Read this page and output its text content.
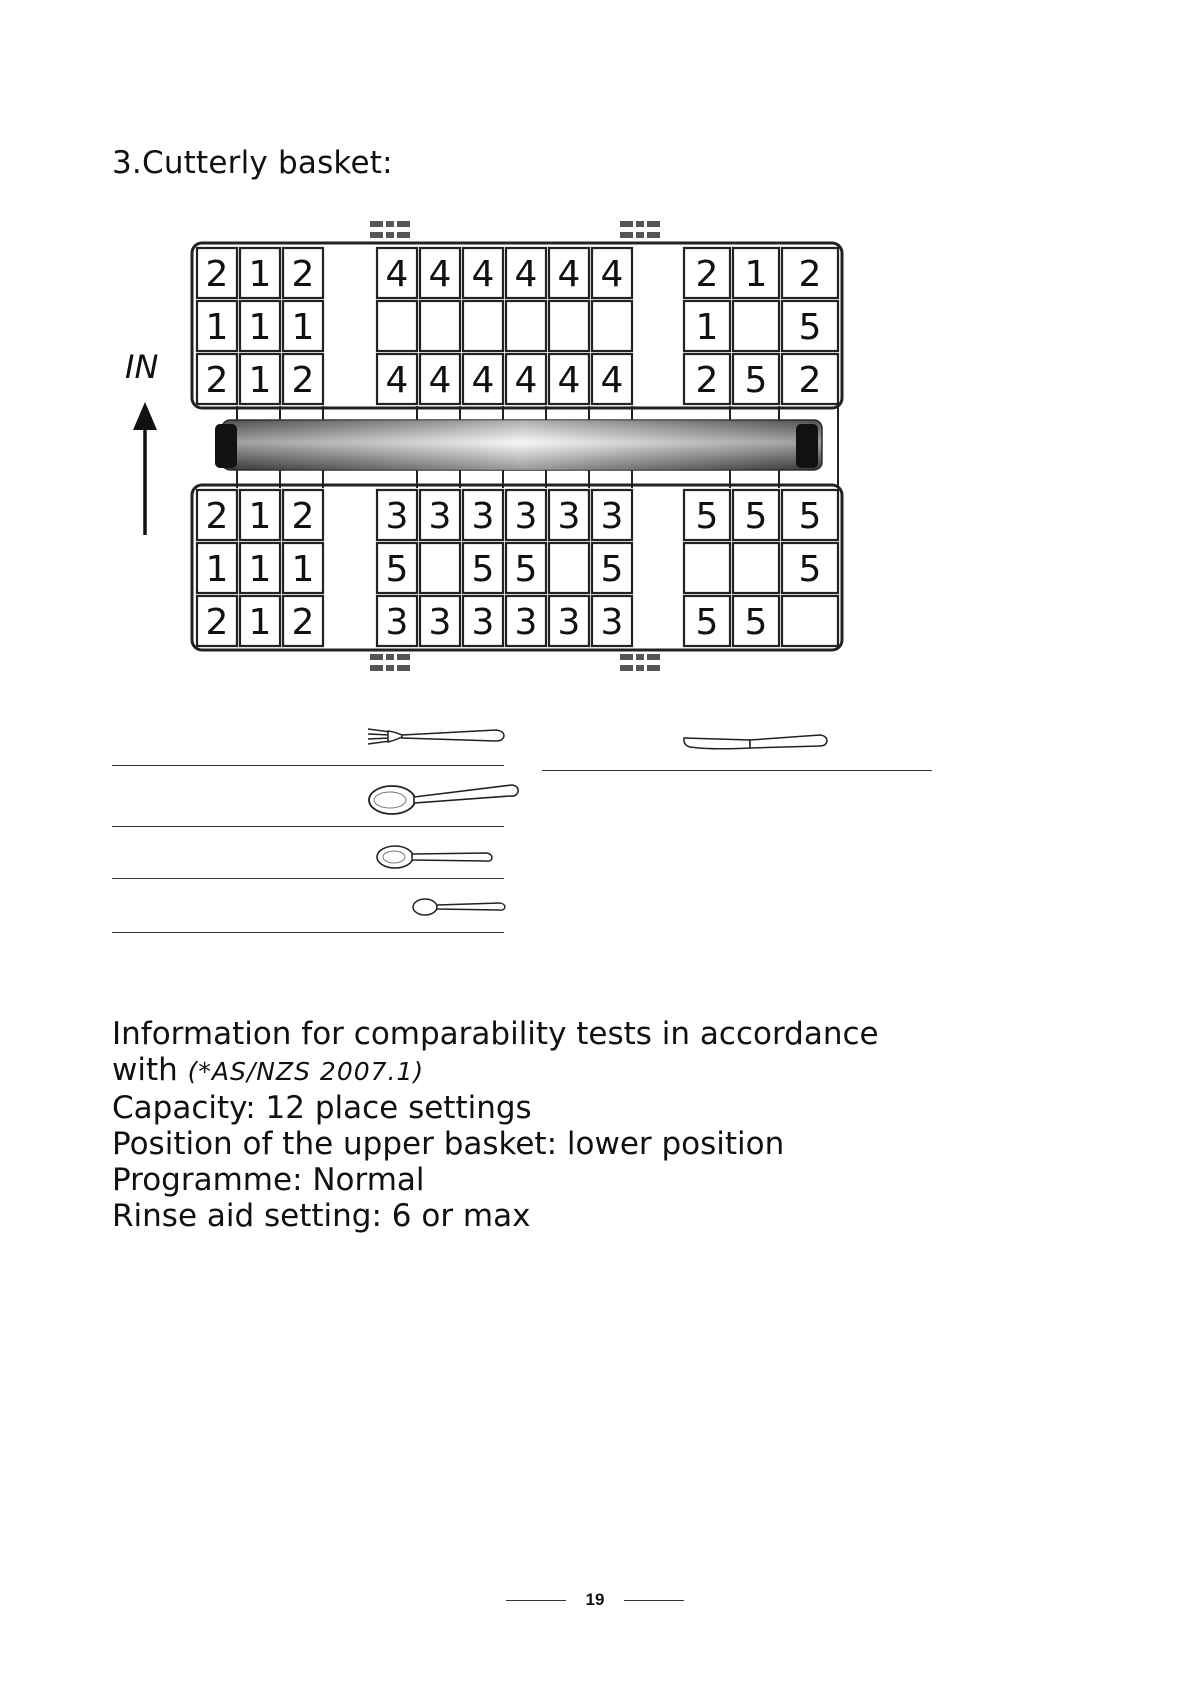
3.Cutterly basket:
2 1 2 4 4 4 4 4 4 2 1 2
1 1 1	1 5
2 1 2 4 4 4 4 4 4 2 5 2
2 1 2 3 3 3 3 3 3 5 5 5
1 1 1 5 5 5 5	5
2 1 2 3 3 3 3 3 3 5 5
IN
Information for comparability tests in accordance
with (*AS/NZS 2007.1)
Capacity: 12 place settings
Position of the upper basket: lower position
Programme: Normal
Rinse aid setting: 6 or max
19
